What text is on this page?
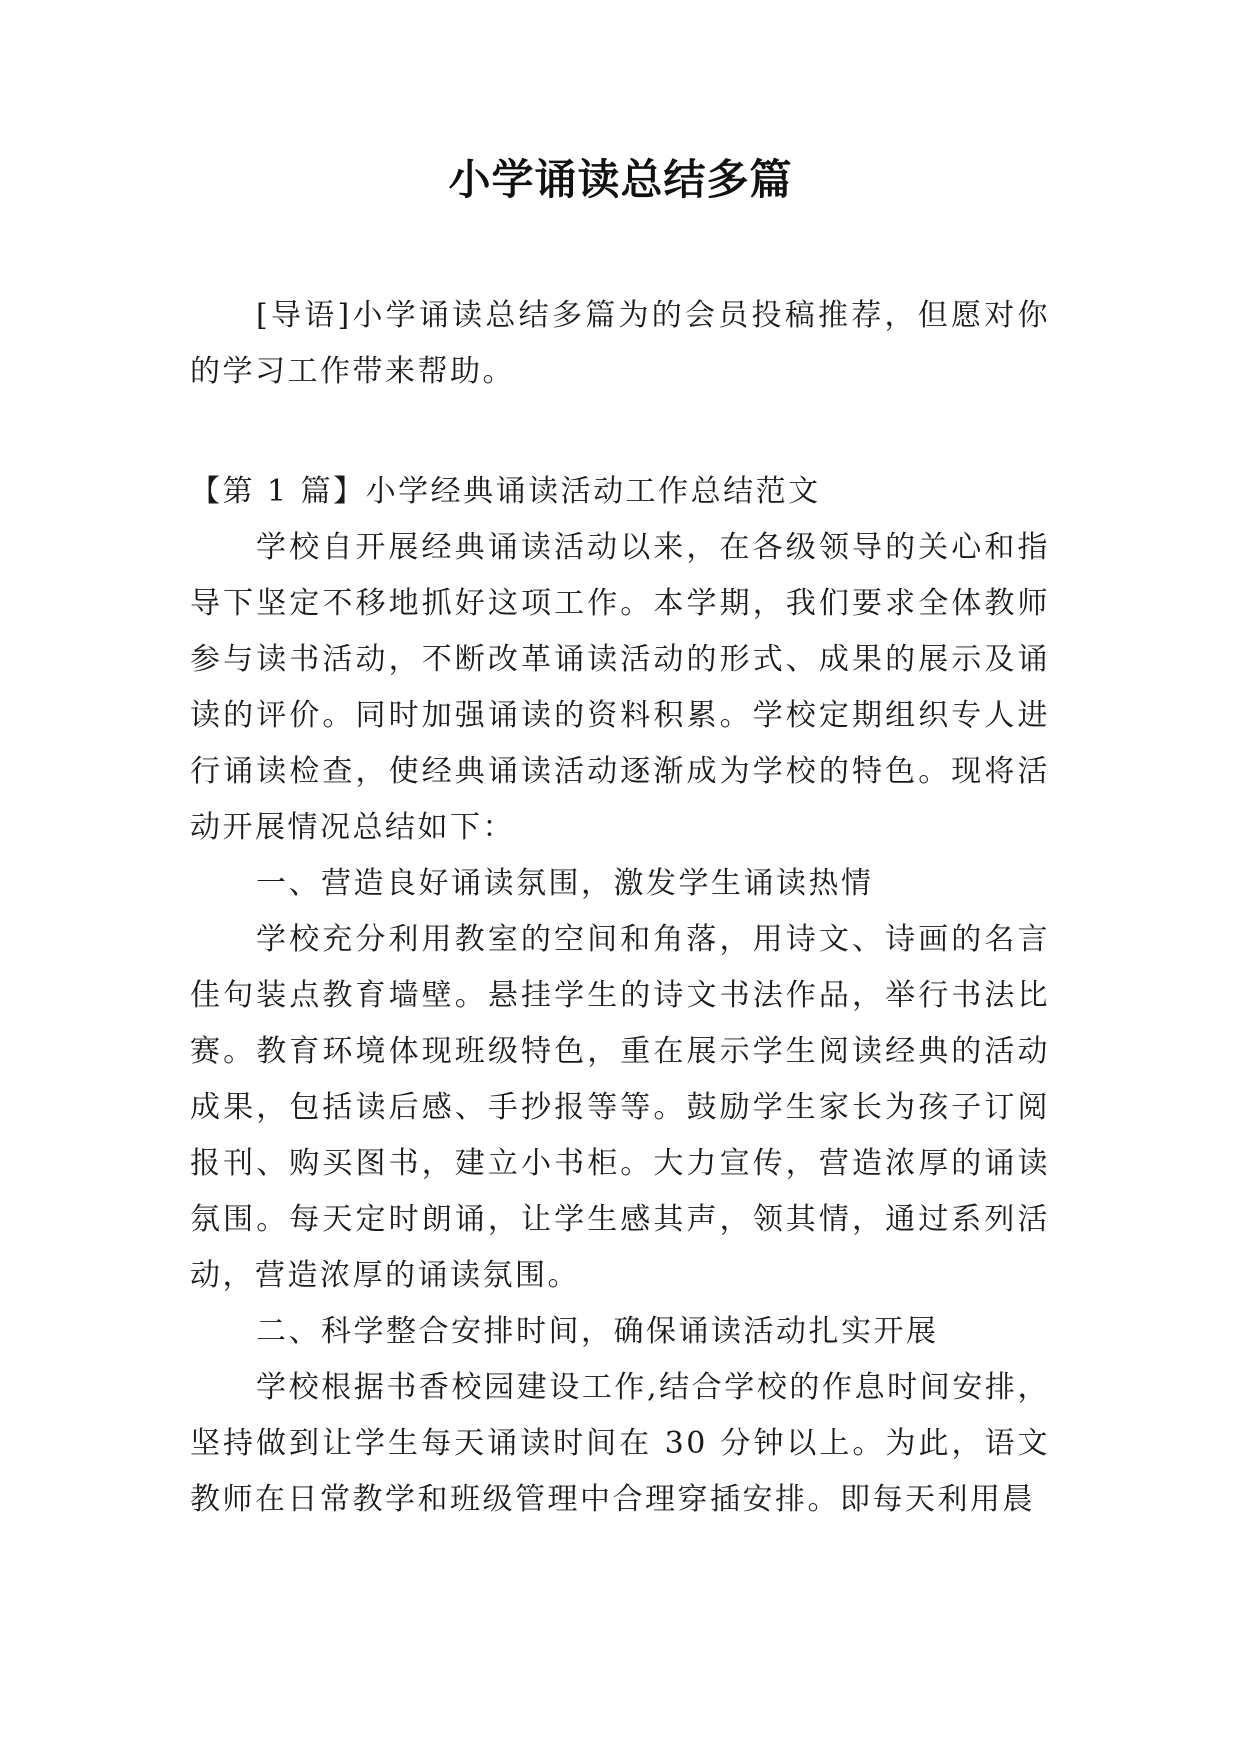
小学诵读总结多篇

[导语]小学诵读总结多篇为的会员投稿推荐，但愿对你的学习工作带来帮助。

【第 1 篇】小学经典诵读活动工作总结范文

学校自开展经典诵读活动以来，在各级领导的关心和指导下坚定不移地抓好这项工作。本学期，我们要求全体教师参与读书活动，不断改革诵读活动的形式、成果的展示及诵读的评价。同时加强诵读的资料积累。学校定期组织专人进行诵读检查，使经典诵读活动逐渐成为学校的特色。现将活动开展情况总结如下：

一、营造良好诵读氛围，激发学生诵读热情

学校充分利用教室的空间和角落，用诗文、诗画的名言佳句装点教育墙壁。悬挂学生的诗文书法作品，举行书法比赛。教育环境体现班级特色，重在展示学生阅读经典的活动成果，包括读后感、手抄报等等。鼓励学生家长为孩子订阅报刊、购买图书，建立小书柜。大力宣传，营造浓厚的诵读氛围。每天定时朗诵，让学生感其声，领其情，通过系列活动，营造浓厚的诵读氛围。

二、科学整合安排时间，确保诵读活动扎实开展

学校根据书香校园建设工作,结合学校的作息时间安排，坚持做到让学生每天诵读时间在 30 分钟以上。为此，语文教师在日常教学和班级管理中合理穿插安排。即每天利用晨
